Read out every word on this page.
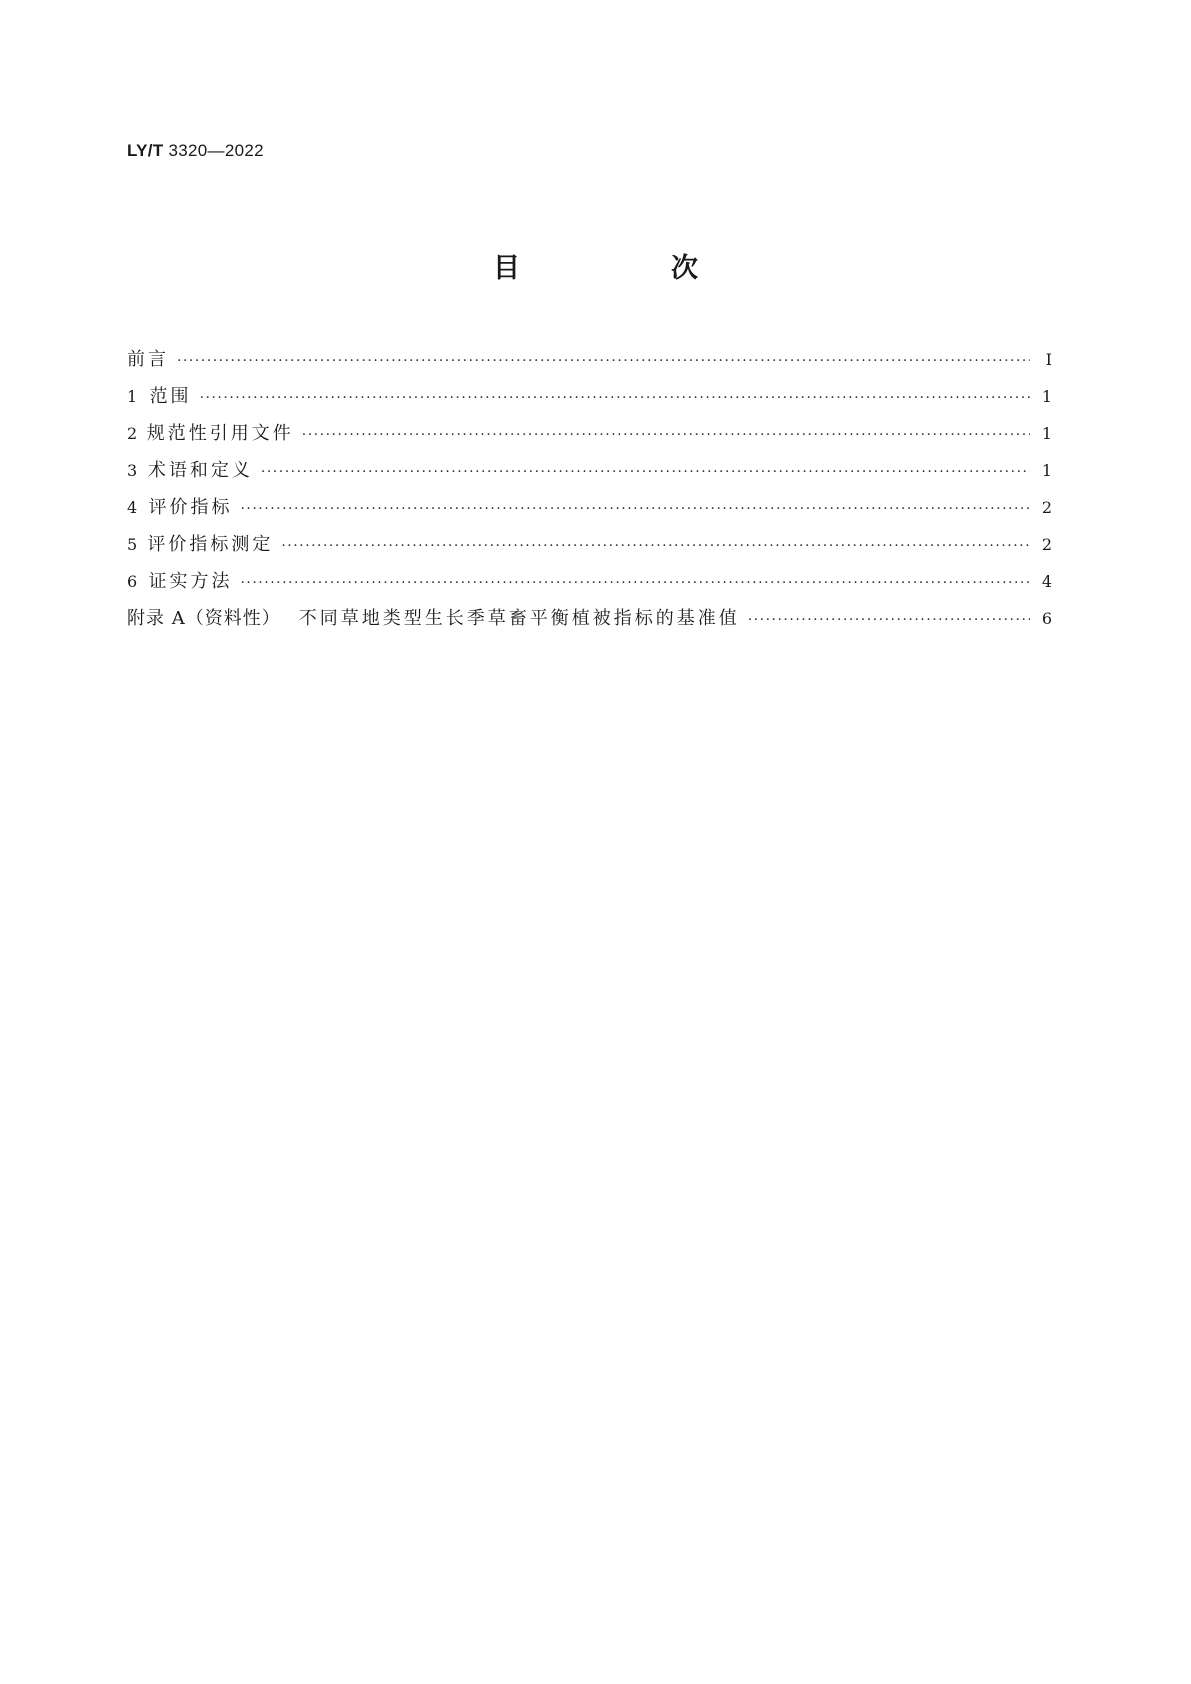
LY/T 3320—2022
目　次
前言 ·····	Ⅰ
1 范围 ·····	1
2 规范性引用文件 ·····	1
3 术语和定义 ·····	1
4 评价指标 ·····	2
5 评价指标测定 ·····	2
6 证实方法 ·····	4
附录 A（资料性） 不同草地类型生长季草畜平衡植被指标的基准值 ·····	6
